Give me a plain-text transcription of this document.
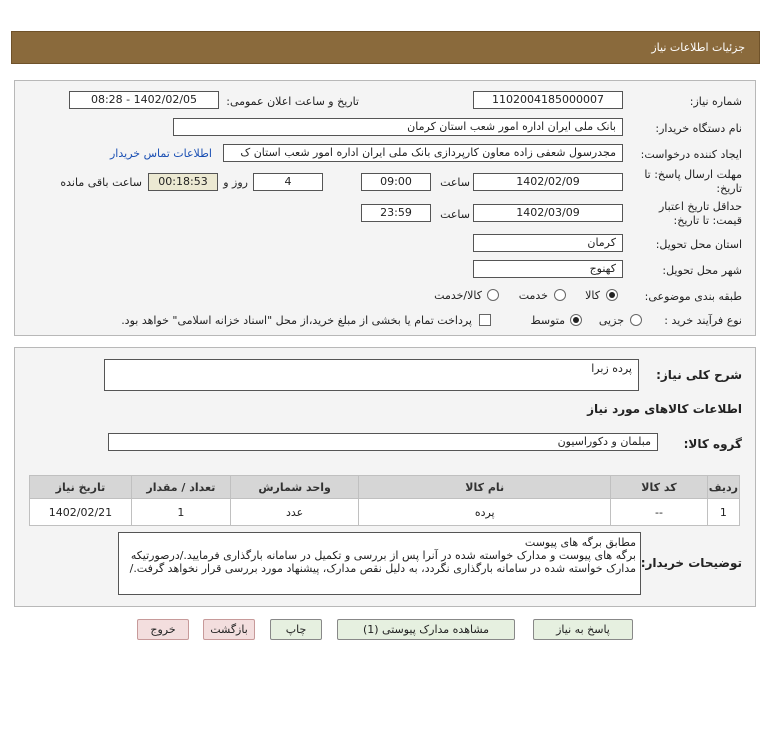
جزئیات اطلاعات نیاز
شماره نیاز:
1102004185000007
تاریخ و ساعت اعلان عمومی:
1402/02/05 - 08:28
نام دستگاه خریدار:
بانک ملی ایران اداره امور شعب استان کرمان
ایجاد کننده درخواست:
مجدرسول شعفی زاده معاون کارپردازی بانک ملی ایران اداره امور شعب استان ک
اطلاعات تماس خریدار
مهلت ارسال پاسخ: تا
تاریخ:
1402/02/09
ساعت
09:00
4
روز و
00:18:53
ساعت باقی مانده
حداقل تاریخ اعتبار
قیمت: تا تاریخ:
1402/03/09
ساعت
23:59
استان محل تحویل:
کرمان
شهر محل تحویل:
کهنوج
طبقه بندی موضوعی:
کالا
خدمت
کالا/خدمت
نوع فرآیند خرید :
جزیی
متوسط
پرداخت تمام یا بخشی از مبلغ خرید،از محل "اسناد خزانه اسلامی" خواهد بود.
شرح کلی نیاز:
پرده زبرا
اطلاعات کالاهای مورد نیاز
گروه کالا:
مبلمان و دکوراسیون
ردیف	کد کالا	نام کالا	واحد شمارش	تعداد / مقدار	تاریخ نیاز
1	--	پرده	عدد	1	1402/02/21
توضیحات خریدار:
مطابق برگه های پیوست
برگه های پیوست و مدارک خواسته شده در آنرا پس از بررسی و تکمیل در سامانه بارگذاری فرمایید./درصورتیکه مدارک خواسته شده در سامانه بارگذاری نگردد، به دلیل نقص مدارک، پیشنهاد مورد بررسی قرار نخواهد گرفت./
پاسخ به نیاز
مشاهده مدارک پیوستی (1)
چاپ
بازگشت
خروج
